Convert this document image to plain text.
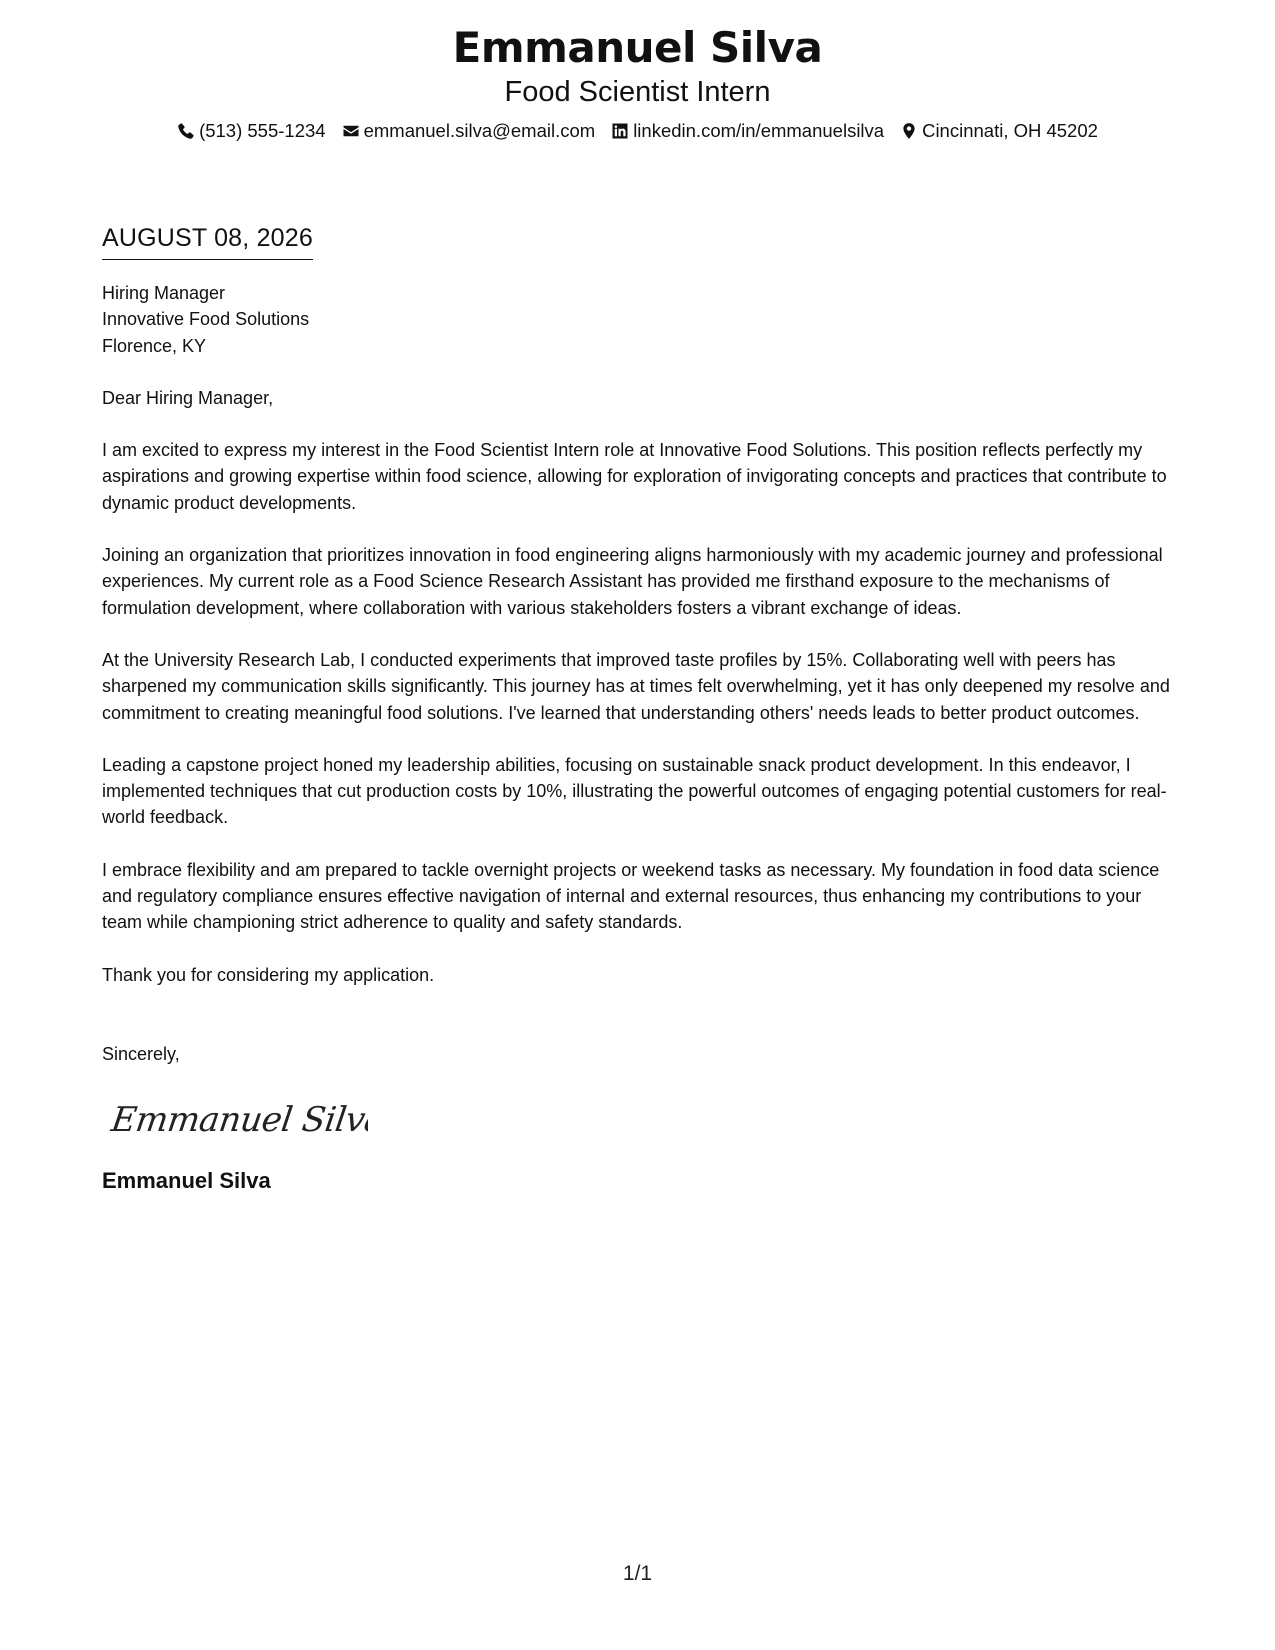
Emmanuel Silva
Food Scientist Intern
(513) 555-1234 emmanuel.silva@email.com linkedin.com/in/emmanuelsilva Cincinnati, OH 45202
AUGUST 08, 2026
Hiring Manager
Innovative Food Solutions
Florence, KY
Dear Hiring Manager,
I am excited to express my interest in the Food Scientist Intern role at Innovative Food Solutions. This position reflects perfectly my aspirations and growing expertise within food science, allowing for exploration of invigorating concepts and practices that contribute to dynamic product developments.
Joining an organization that prioritizes innovation in food engineering aligns harmoniously with my academic journey and professional experiences. My current role as a Food Science Research Assistant has provided me firsthand exposure to the mechanisms of formulation development, where collaboration with various stakeholders fosters a vibrant exchange of ideas.
At the University Research Lab, I conducted experiments that improved taste profiles by 15%. Collaborating well with peers has sharpened my communication skills significantly. This journey has at times felt overwhelming, yet it has only deepened my resolve and commitment to creating meaningful food solutions. I've learned that understanding others' needs leads to better product outcomes.
Leading a capstone project honed my leadership abilities, focusing on sustainable snack product development. In this endeavor, I implemented techniques that cut production costs by 10%, illustrating the powerful outcomes of engaging potential customers for real-world feedback.
I embrace flexibility and am prepared to tackle overnight projects or weekend tasks as necessary. My foundation in food data science and regulatory compliance ensures effective navigation of internal and external resources, thus enhancing my contributions to your team while championing strict adherence to quality and safety standards.
Thank you for considering my application.
Sincerely,
Emmanuel Silva
Emmanuel Silva
1/1
